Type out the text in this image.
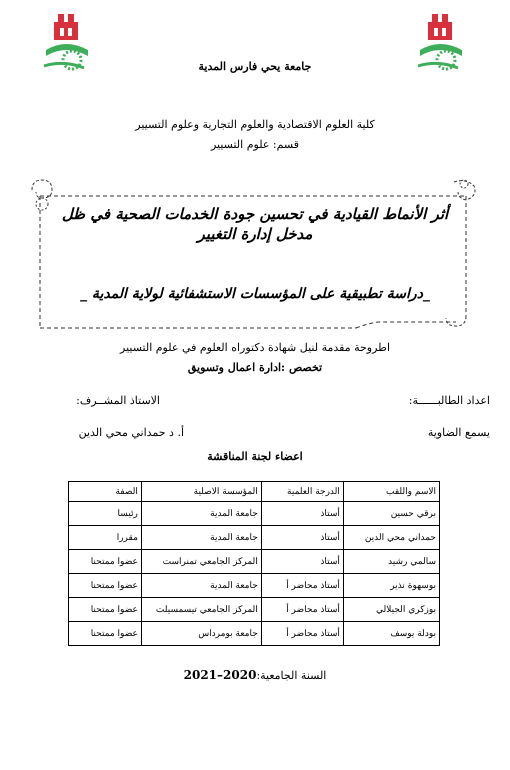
جامعة يحي فارس المدية
كلية العلوم الاقتصادية والعلوم التجارية وعلوم التسيير
قسم: علوم التسيير
أثر الأنماط القيادية في تحسين جودة الخدمات الصحية في ظل مدخل إدارة التغيير
_دراسة تطبيقية على المؤسسات الاستشفائية لولاية المدية _
اطروحة مقدمة لنيل شهادة دكتوراه العلوم في علوم التسيير
تخصص :ادارة اعمال وتسويق
اعداد الطالبــــــة:
الاستاذ المشــرف:
يسمع الضاوية
أ. د حمداني محي الدين
اعضاء لجنة المناقشة
الاسم واللقب	الدرجة العلمية	المؤسسة الاصلية	الصفة
برقي حسين	أستاذ	جامعة المدية	رئيسا
حمداني محي الدين	أستاذ	جامعة المدية	مقررا
سالمي رشيد	أستاذ	المركز الجامعي تمنراست	عضوا ممتحنا
بوسهوة نذير	أستاذ محاضر أ	جامعة المدية	عضوا ممتحنا
بوزكري الجيلالي	أستاذ محاضر أ	المركز الجامعي تيسمسيلت	عضوا ممتحنا
بودلة يوسف	أستاذ محاضر أ	جامعة بومرداس	عضوا ممتحنا
السنة الجامعية:2020–2021
